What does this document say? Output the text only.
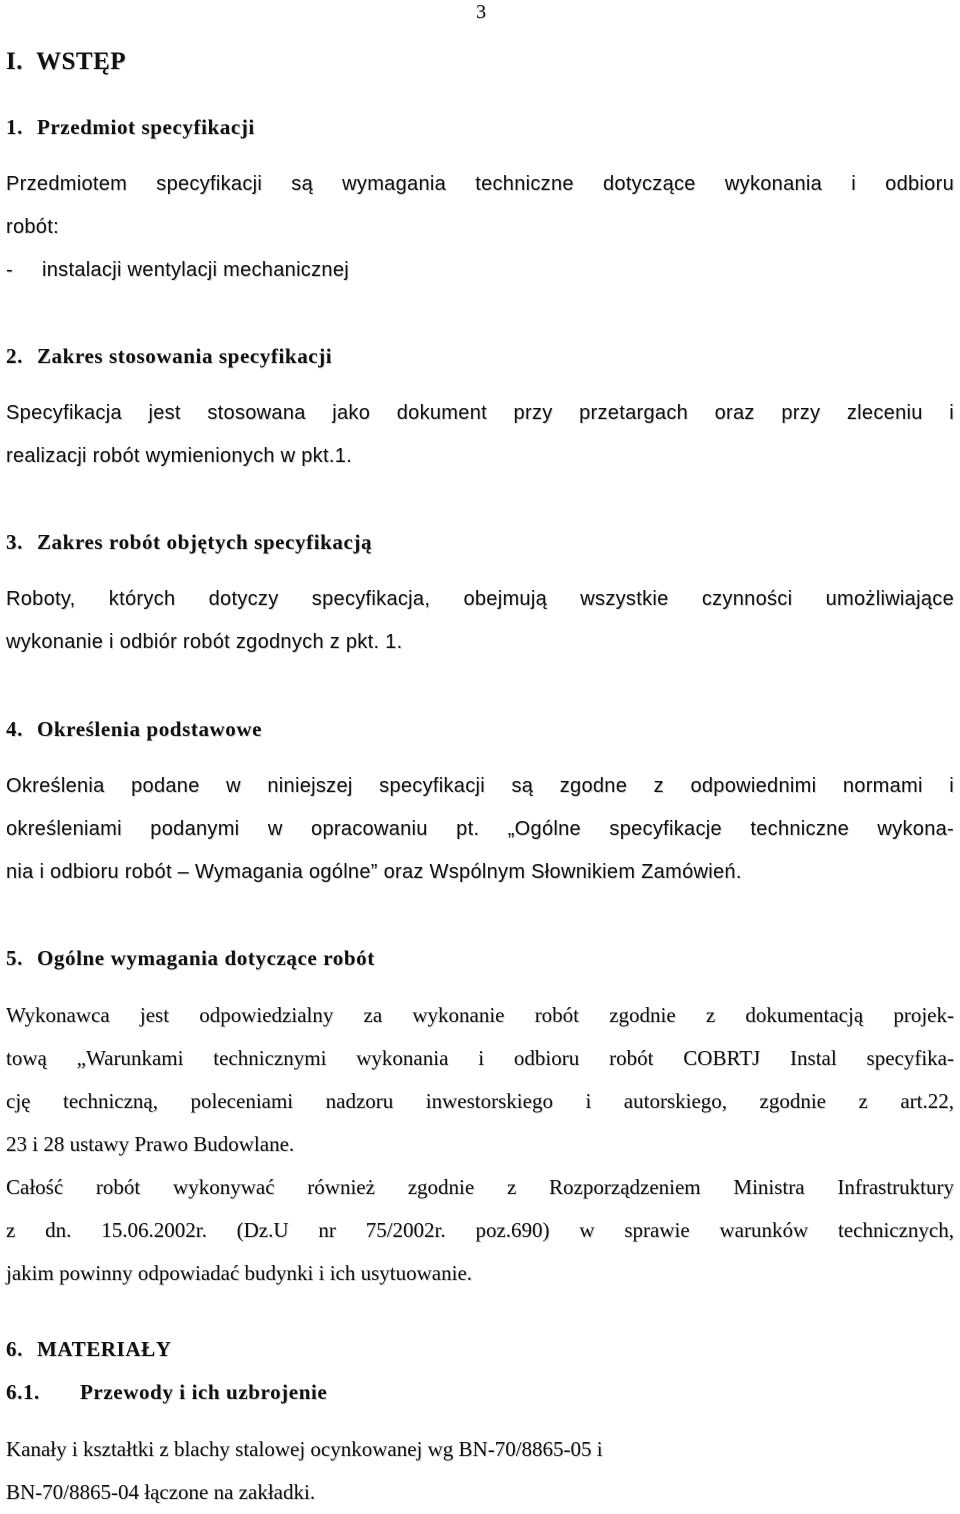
3
I.  WSTĘP
1. Przedmiot specyfikacji
Przedmiotem specyfikacji są wymagania techniczne dotyczące wykonania i odbioru
robót:
- instalacji wentylacji mechanicznej
2. Zakres stosowania specyfikacji
Specyfikacja jest stosowana jako dokument przy przetargach oraz przy zleceniu i
realizacji robót wymienionych w pkt.1.
3. Zakres robót objętych specyfikacją
Roboty, których dotyczy specyfikacja, obejmują wszystkie czynności umożliwiające
wykonanie i odbiór robót zgodnych z pkt. 1.
4. Określenia podstawowe
Określenia podane w niniejszej specyfikacji są zgodne z odpowiednimi normami i
określeniami podanymi w opracowaniu pt. „Ogólne specyfikacje techniczne wykona-
nia i odbioru robót – Wymagania ogólne” oraz Wspólnym Słownikiem Zamówień.
5. Ogólne wymagania dotyczące robót
Wykonawca jest odpowiedzialny za wykonanie robót zgodnie z dokumentacją projek-
tową „Warunkami technicznymi wykonania i odbioru robót COBRTJ Instal specyfika-
cję techniczną, poleceniami nadzoru inwestorskiego i autorskiego, zgodnie z art.22,
23 i 28 ustawy Prawo Budowlane.
Całość robót wykonywać również zgodnie z Rozporządzeniem Ministra Infrastruktury
z dn. 15.06.2002r. (Dz.U nr 75/2002r. poz.690) w sprawie warunków technicznych,
jakim powinny odpowiadać budynki i ich usytuowanie.
6. MATERIAŁY
6.1. Przewody i ich uzbrojenie
Kanały i kształtki z blachy stalowej ocynkowanej wg BN-70/8865-05 i
BN-70/8865-04 łączone na zakładki.
